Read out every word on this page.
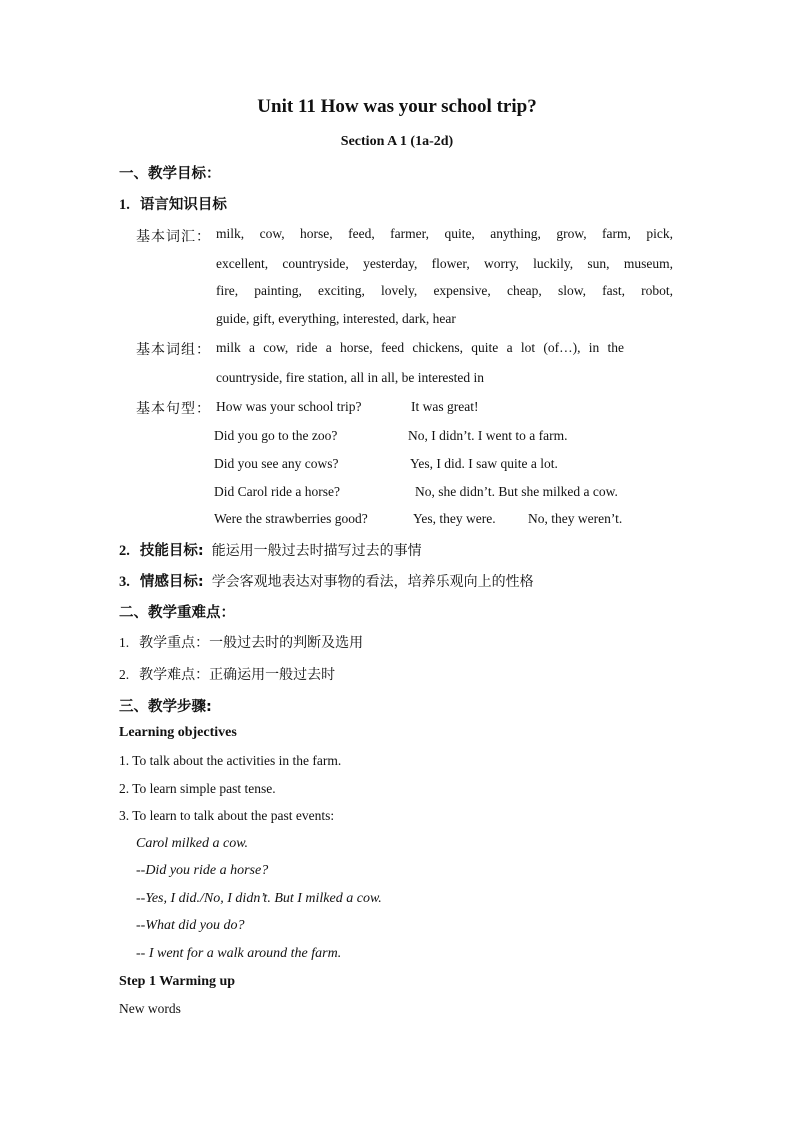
Unit 11 How was your school trip?
Section A 1 (1a-2d)
一、教学目标：
1. 语言知识目标
基本词汇： milk, cow, horse, feed, farmer, quite, anything, grow, farm, pick,
excellent, countryside, yesterday, flower, worry, luckily, sun, museum,
fire, painting, exciting, lovely, expensive, cheap, slow, fast, robot,
guide, gift, everything, interested, dark, hear
基本词组： milk a cow, ride a horse, feed chickens, quite a lot (of…), in the
countryside, fire station, all in all, be interested in
基本句型： How was your school trip?	It was great!
Did you go to the zoo?	No, I didn’t. I went to a farm.
Did you see any cows?	Yes, I did. I saw quite a lot.
Did Carol ride a horse?	No, she didn’t. But she milked a cow.
Were the strawberries good?	Yes, they were. No, they weren’t.
2. 技能目标: 能运用一般过去时描写过去的事情
3. 情感目标: 学会客观地表达对事物的看法，培养乐观向上的性格
二、教学重难点：
1. 教学重点：一般过去时的判断及选用
2. 教学难点：正确运用一般过去时
三、教学步骤:
Learning objectives
1. To talk about the activities in the farm.
2. To learn simple past tense.
3. To learn to talk about the past events:
Carol milked a cow.
--Did you ride a horse?
--Yes, I did./No, I didn’t. But I milked a cow.
--What did you do?
-- I went for a walk around the farm.
Step 1 Warming up
New words
